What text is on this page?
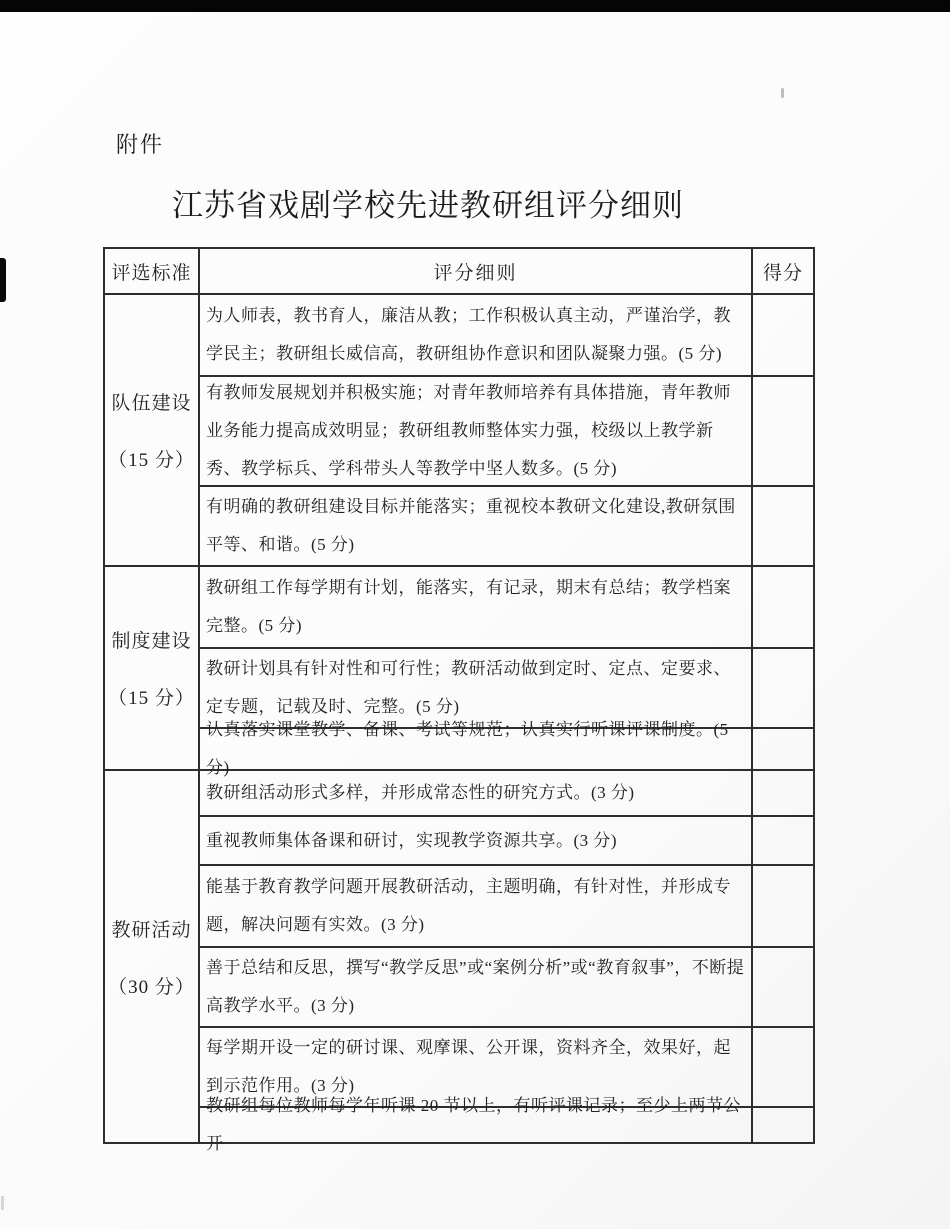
附件
江苏省戏剧学校先进教研组评分细则
评选标准	评分细则	得分
队伍建设
（15 分）
为人师表，教书育人，廉洁从教；工作积极认真主动，严谨治学，教学民主；教研组长威信高，教研组协作意识和团队凝聚力强。(5 分)
有教师发展规划并积极实施；对青年教师培养有具体措施，青年教师业务能力提高成效明显；教研组教师整体实力强，校级以上教学新秀、教学标兵、学科带头人等教学中坚人数多。(5 分)
有明确的教研组建设目标并能落实；重视校本教研文化建设,教研氛围平等、和谐。(5 分)
制度建设
（15 分）
教研组工作每学期有计划，能落实，有记录，期末有总结；教学档案完整。(5 分)
教研计划具有针对性和可行性；教研活动做到定时、定点、定要求、定专题，记载及时、完整。(5 分)
认真落实课堂教学、备课、考试等规范；认真实行听课评课制度。(5 分)
教研活动
（30 分）
教研组活动形式多样，并形成常态性的研究方式。(3 分)
重视教师集体备课和研讨，实现教学资源共享。(3 分)
能基于教育教学问题开展教研活动，主题明确，有针对性，并形成专题，解决问题有实效。(3 分)
善于总结和反思，撰写“教学反思”或“案例分析”或“教育叙事”，不断提高教学水平。(3 分)
每学期开设一定的研讨课、观摩课、公开课，资料齐全，效果好，起到示范作用。(3 分)
教研组每位教师每学年听课 20 节以上，有听评课记录；至少上两节公开
